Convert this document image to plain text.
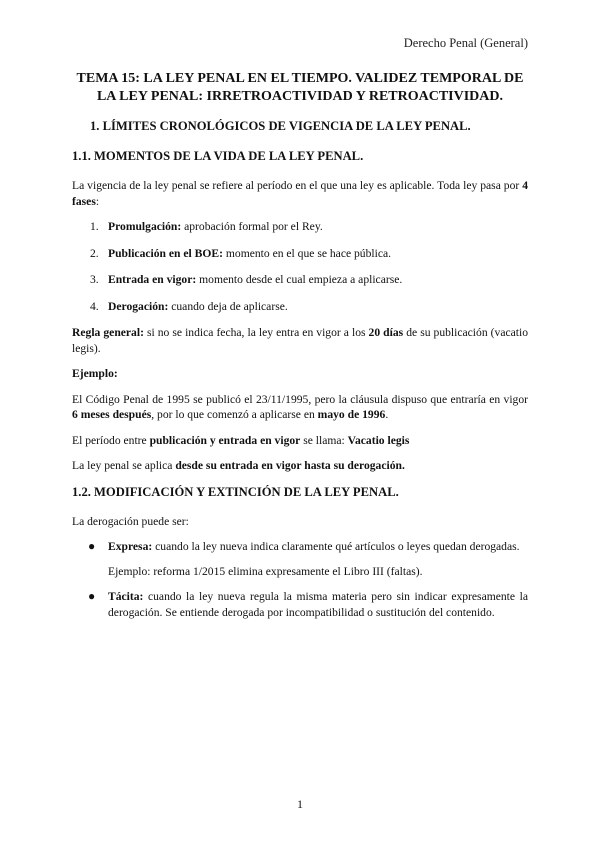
Derecho Penal (General)
TEMA 15: LA LEY PENAL EN EL TIEMPO. VALIDEZ TEMPORAL DE LA LEY PENAL: IRRETROACTIVIDAD Y RETROACTIVIDAD.
1. LÍMITES CRONOLÓGICOS DE VIGENCIA DE LA LEY PENAL.
1.1. MOMENTOS DE LA VIDA DE LA LEY PENAL.

La vigencia de la ley penal se refiere al período en el que una ley es aplicable. Toda ley pasa por 4 fases:

1. Promulgación: aprobación formal por el Rey.
2. Publicación en el BOE: momento en el que se hace pública.
3. Entrada en vigor: momento desde el cual empieza a aplicarse.
4. Derogación: cuando deja de aplicarse.

Regla general: si no se indica fecha, la ley entra en vigor a los 20 días de su publicación (vacatio legis).

Ejemplo:

El Código Penal de 1995 se publicó el 23/11/1995, pero la cláusula dispuso que entraría en vigor 6 meses después, por lo que comenzó a aplicarse en mayo de 1996.

El período entre publicación y entrada en vigor se llama: Vacatio legis

La ley penal se aplica desde su entrada en vigor hasta su derogación.

1.2. MODIFICACIÓN Y EXTINCIÓN DE LA LEY PENAL.

La derogación puede ser:

●	Expresa: cuando la ley nueva indica claramente qué artículos o leyes quedan derogadas.
Ejemplo: reforma 1/2015 elimina expresamente el Libro III (faltas).
●	Tácita: cuando la ley nueva regula la misma materia pero sin indicar expresamente la derogación. Se entiende derogada por incompatibilidad o sustitución del contenido.
1
